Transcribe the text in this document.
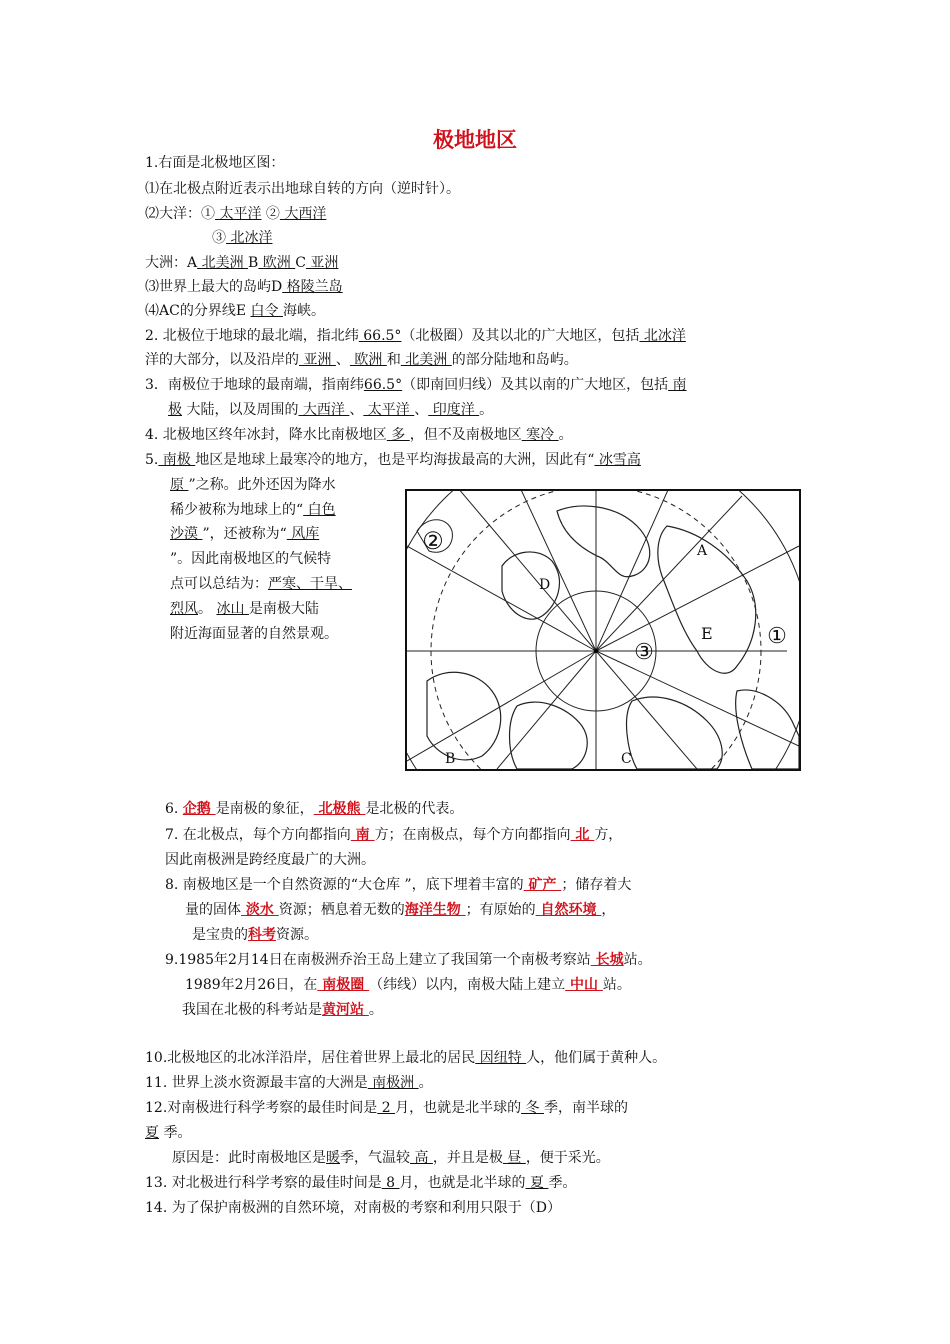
极地地区
1.右面是北极地区图：
⑴在北极点附近表示出地球自转的方向（逆时针）。
⑵大洋：① 太平洋 ② 大西洋
③ 北冰洋
大洲：A 北美洲 B 欧洲 C 亚洲
⑶世界上最大的岛屿D 格陵兰岛
⑷AC的分界线E 白令 海峡。
2. 北极位于地球的最北端，指北纬 66.5°（北极圈）及其以北的广大地区，包括 北冰洋
洋的大部分，以及沿岸的 亚洲 、 欧洲 和 北美洲 的部分陆地和岛屿。
3．南极位于地球的最南端，指南纬66.5°（即南回归线）及其以南的广大地区，包括 南
极 大陆，以及周围的 大西洋 、 太平洋 、 印度洋 。
4. 北极地区终年冰封，降水比南极地区 多 ，但不及南极地区 寒冷 。
5. 南极 地区是地球上最寒冷的地方，也是平均海拔最高的大洲，因此有“ 冰雪高
原 ”之称。此外还因为降水
稀少被称为地球上的“ 白色
沙漠 ”，还被称为“ 风库
”。因此南极地区的气候特
点可以总结为：严寒、干旱、
烈风。 冰山 是南极大陆
附近海面显著的自然景观。	①
②
③
A
B	C
D
E
6. 企鹅 是南极的象征， 北极熊 是北极的代表。
7. 在北极点，每个方向都指向 南 方；在南极点，每个方向都指向 北 方，
因此南极洲是跨经度最广的大洲。
8. 南极地区是一个自然资源的“大仓库 ”，底下埋着丰富的 矿产 ；储存着大
量的固体 淡水 资源；栖息着无数的海洋生物 ；有原始的 自然环境 ，
是宝贵的科考资源。
9.1985年2月14日在南极洲乔治王岛上建立了我国第一个南极考察站 长城站。
1989年2月26日，在 南极圈 （纬线）以内，南极大陆上建立 中山 站。
我国在北极的科考站是黄河站 。
10.北极地区的北冰洋沿岸，居住着世界上最北的居民 因纽特 人，他们属于黄种人。
11. 世界上淡水资源最丰富的大洲是 南极洲 。
12.对南极进行科学考察的最佳时间是 2 月，也就是北半球的 冬 季，南半球的
夏 季。
原因是：此时南极地区是暖季，气温较 高 ，并且是极 昼 ，便于采光。
13. 对北极进行科学考察的最佳时间是 8 月，也就是北半球的 夏 季。
14. 为了保护南极洲的自然环境，对南极的考察和利用只限于（D）
